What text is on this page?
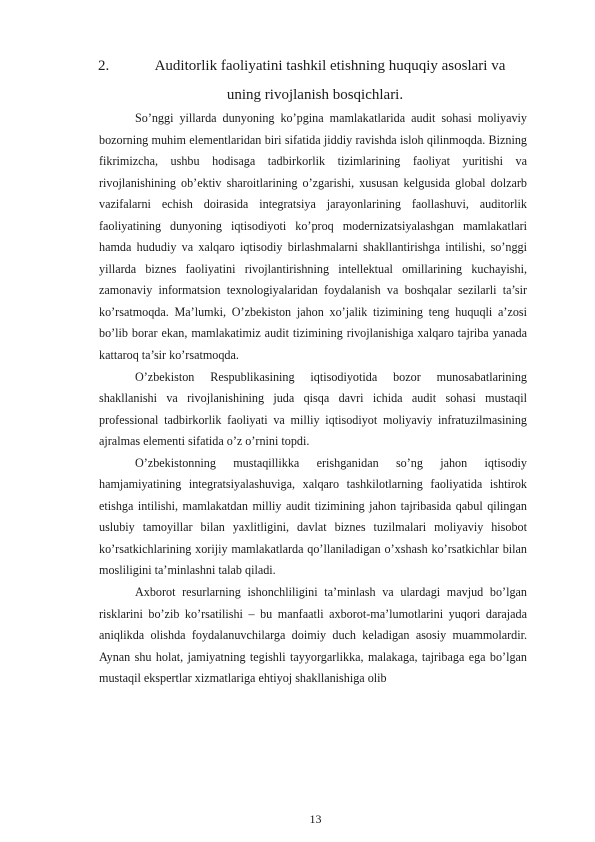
2.	Auditorlik faoliyatini tashkil etishning huquqiy asoslari va
uning rivojlanish bosqichlari.

So’nggi yillarda dunyoning ko’pgina mamlakatlarida audit sohasi moliyaviy bozorning muhim elementlaridan biri sifatida jiddiy ravishda isloh qilinmoqda. Bizning fikrimizcha, ushbu hodisaga tadbirkorlik tizimlarining faoliyat yuritishi va rivojlanishining ob’ektiv sharoitlarining o’zgarishi, xususan kelgusida global dolzarb vazifalarni echish doirasida integratsiya jarayonlarining faollashuvi, auditorlik faoliyatining dunyoning iqtisodiyoti ko’proq modernizatsiyalashgan mamlakatlari hamda hududiy va xalqaro iqtisodiy birlashmalarni shakllantirishga intilishi, so’nggi yillarda biznes faoliyatini rivojlantirishning intellektual omillarining kuchayishi, zamonaviy informatsion texnologiyalaridan foydalanish va boshqalar sezilarli ta’sir ko’rsatmoqda. Ma’lumki, O’zbekiston jahon xo’jalik tizimining teng huquqli a’zosi bo’lib borar ekan, mamlakatimiz audit tizimining rivojlanishiga xalqaro tajriba yanada kattaroq ta’sir ko’rsatmoqda.

O’zbekiston Respublikasining iqtisodiyotida bozor munosabatlarining shakllanishi va rivojlanishining juda qisqa davri ichida audit sohasi mustaqil professional tadbirkorlik faoliyati va milliy iqtisodiyot moliyaviy infratuzilmasining ajralmas elementi sifatida o’z o’rnini topdi.

O’zbekistonning mustaqillikka erishganidan so’ng jahon iqtisodiy hamjamiyatining integratsiyalashuviga, xalqaro tashkilotlarning faoliyatida ishtirok etishga intilishi, mamlakatdan milliy audit tizimining jahon tajribasida qabul qilingan uslubiy tamoyillar bilan yaxlitligini, davlat biznes tuzilmalari moliyaviy hisobot ko’rsatkichlarining xorijiy mamlakatlarda qo’llaniladigan o’xshash ko’rsatkichlar bilan mosliligini ta’minlashni talab qiladi.

Axborot resurlarning ishonchliligini ta’minlash va ulardagi mavjud bo’lgan risklarini bo’zib ko’rsatilishi – bu manfaatli axborot-ma’lumotlarini yuqori darajada aniqlikda olishda foydalanuvchilarga doimiy duch keladigan asosiy muammolardir. Aynan shu holat, jamiyatning tegishli tayyorgarlikka, malakaga, tajribaga ega bo’lgan mustaqil ekspertlar xizmatlariga ehtiyoj shakllanishiga olib

13
